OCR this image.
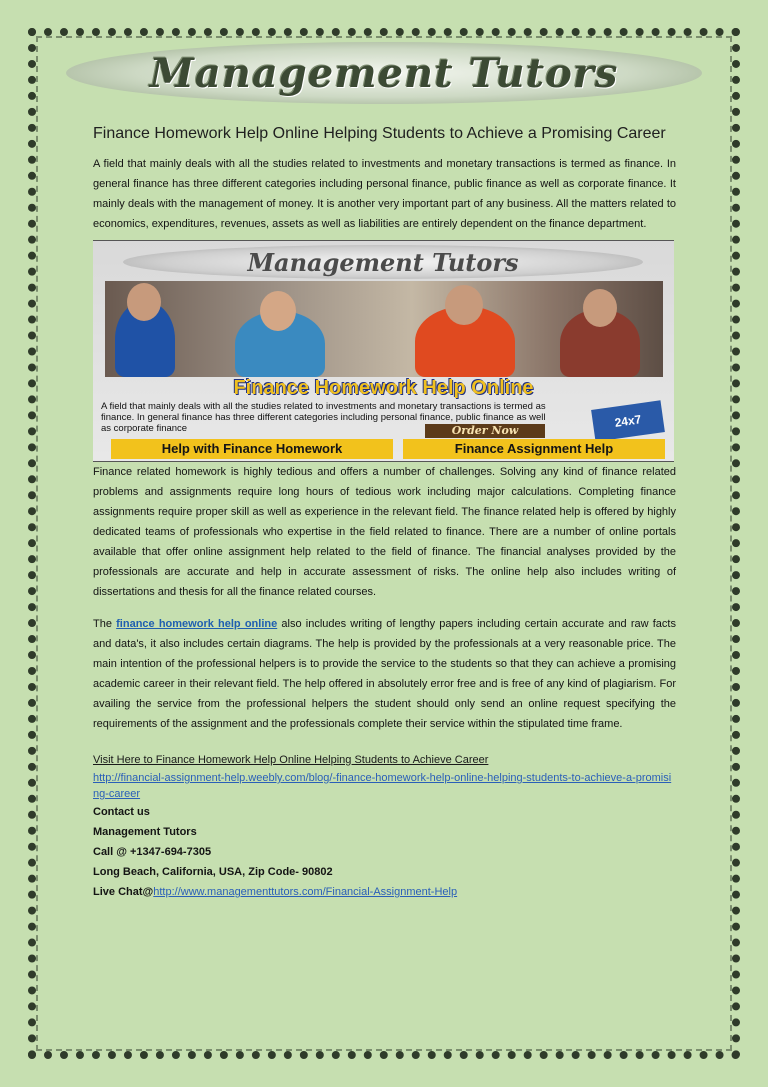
Management Tutors
Finance Homework Help Online Helping Students to Achieve a Promising Career

A field that mainly deals with all the studies related to investments and monetary transactions is termed as finance. In general finance has three different categories including personal finance, public finance as well as corporate finance. It mainly deals with the management of money. It is another very important part of any business. All the matters related to economics, expenditures, revenues, assets as well as liabilities are entirely dependent on the finance department.

Management Tutors
Finance Homework Help Online
A field that mainly deals with all the studies related to investments and monetary transactions is termed as finance. In general finance has three different categories including personal finance, public finance as well as corporate finance	Order Now
24x7
Help with Finance Homework	Finance Assignment Help

Finance related homework is highly tedious and offers a number of challenges. Solving any kind of finance related problems and assignments require long hours of tedious work including major calculations. Completing finance assignments require proper skill as well as experience in the relevant field. The finance related help is offered by highly dedicated teams of professionals who expertise in the field related to finance. There are a number of online portals available that offer online assignment help related to the field of finance. The financial analyses provided by the professionals are accurate and help in accurate assessment of risks. The online help also includes writing of dissertations and thesis for all the finance related courses.

The finance homework help online also includes writing of lengthy papers including certain accurate and raw facts and data's, it also includes certain diagrams. The help is provided by the professionals at a very reasonable price. The main intention of the professional helpers is to provide the service to the students so that they can achieve a promising academic career in their relevant field. The help offered in absolutely error free and is free of any kind of plagiarism. For availing the service from the professional helpers the student should only send an online request specifying the requirements of the assignment and the professionals complete their service within the stipulated time frame.

Visit Here to Finance Homework Help Online Helping Students to Achieve Career
http://financial-assignment-help.weebly.com/blog/-finance-homework-help-online-helping-students-to-achieve-a-promising-career
Contact us
Management Tutors
Call @ +1347-694-7305
Long Beach, California, USA, Zip Code- 90802
Live Chat@http://www.managementtutors.com/Financial-Assignment-Help
